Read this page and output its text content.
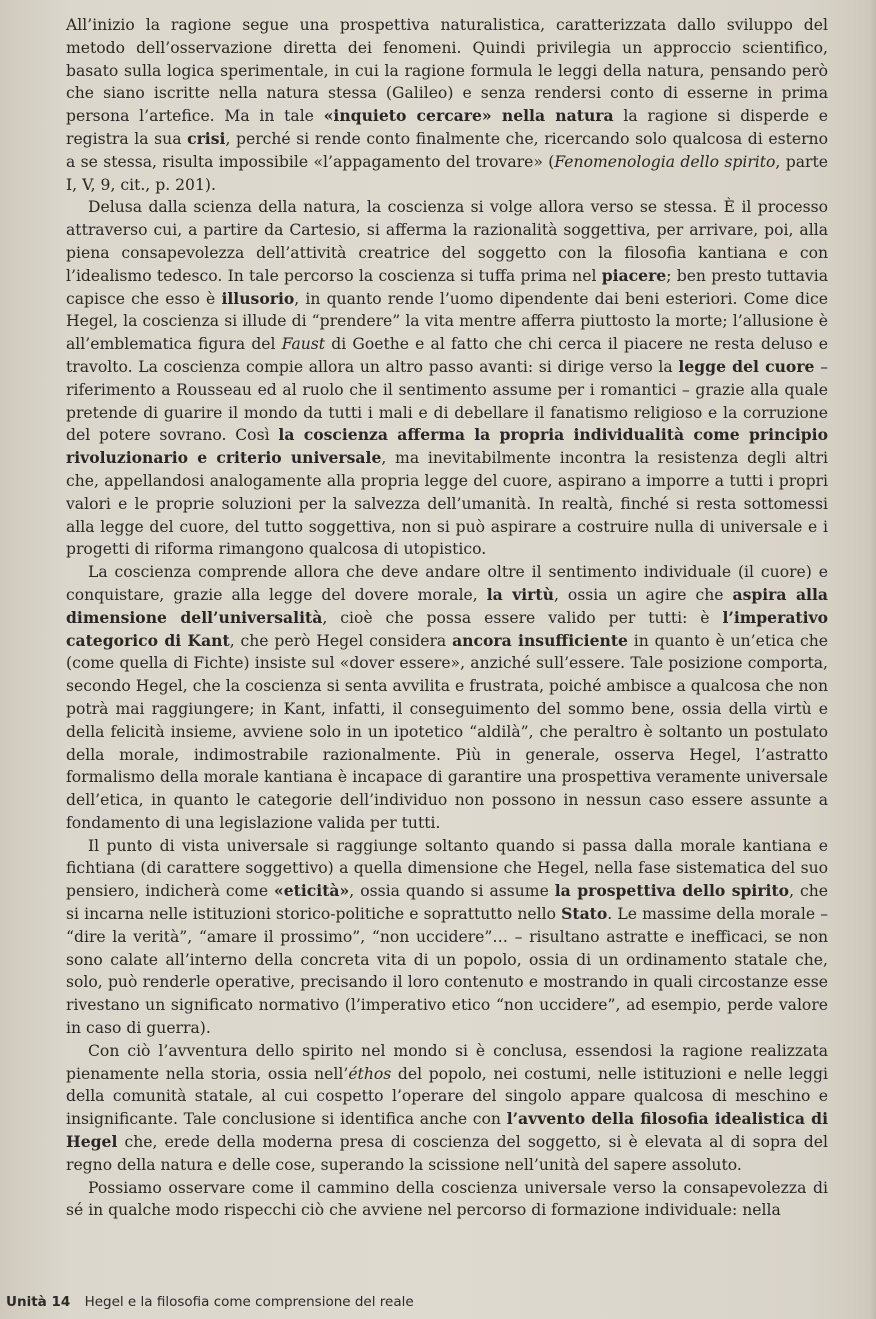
All’inizio la ragione segue una prospettiva naturalistica, caratterizzata dallo sviluppo del metodo dell’osservazione diretta dei fenomeni. Quindi privilegia un approccio scientifico, basato sulla logica sperimentale, in cui la ragione formula le leggi della natura, pensando però che siano iscritte nella natura stessa (Galileo) e senza rendersi conto di esserne in prima persona l’artefice. Ma in tale «inquieto cercare» nella natura la ragione si disperde e registra la sua crisi, perché si rende conto finalmente che, ricercando solo qualcosa di esterno a se stessa, risulta impossibile «l’appagamento del trovare» (Fenomenologia dello spirito, parte I, V, 9, cit., p. 201).

Delusa dalla scienza della natura, la coscienza si volge allora verso se stessa. È il processo attraverso cui, a partire da Cartesio, si afferma la razionalità soggettiva, per arrivare, poi, alla piena consapevolezza dell’attività creatrice del soggetto con la filosofia kantiana e con l’idealismo tedesco. In tale percorso la coscienza si tuffa prima nel piacere; ben presto tuttavia capisce che esso è illusorio, in quanto rende l’uomo dipendente dai beni esteriori. Come dice Hegel, la coscienza si illude di “prendere” la vita mentre afferra piuttosto la morte; l’allusione è all’emblematica figura del Faust di Goethe e al fatto che chi cerca il piacere ne resta deluso e travolto. La coscienza compie allora un altro passo avanti: si dirige verso la legge del cuore – riferimento a Rousseau ed al ruolo che il sentimento assume per i romantici – grazie alla quale pretende di guarire il mondo da tutti i mali e di debellare il fanatismo religioso e la corruzione del potere sovrano. Così la coscienza afferma la propria individualità come principio rivoluzionario e criterio universale, ma inevitabilmente incontra la resistenza degli altri che, appellandosi analogamente alla propria legge del cuore, aspirano a imporre a tutti i propri valori e le proprie soluzioni per la salvezza dell’umanità. In realtà, finché si resta sottomessi alla legge del cuore, del tutto soggettiva, non si può aspirare a costruire nulla di universale e i progetti di riforma rimangono qualcosa di utopistico.

La coscienza comprende allora che deve andare oltre il sentimento individuale (il cuore) e conquistare, grazie alla legge del dovere morale, la virtù, ossia un agire che aspira alla dimensione dell’universalità, cioè che possa essere valido per tutti: è l’imperativo categorico di Kant, che però Hegel considera ancora insufficiente in quanto è un’etica che (come quella di Fichte) insiste sul «dover essere», anziché sull’essere. Tale posizione comporta, secondo Hegel, che la coscienza si senta avvilita e frustrata, poiché ambisce a qualcosa che non potrà mai raggiungere; in Kant, infatti, il conseguimento del sommo bene, ossia della virtù e della felicità insieme, avviene solo in un ipotetico “aldilà”, che peraltro è soltanto un postulato della morale, indimostrabile razionalmente. Più in generale, osserva Hegel, l’astratto formalismo della morale kantiana è incapace di garantire una prospettiva veramente universale dell’etica, in quanto le categorie dell’individuo non possono in nessun caso essere assunte a fondamento di una legislazione valida per tutti.

Il punto di vista universale si raggiunge soltanto quando si passa dalla morale kantiana e fichtiana (di carattere soggettivo) a quella dimensione che Hegel, nella fase sistematica del suo pensiero, indicherà come «eticità», ossia quando si assume la prospettiva dello spirito, che si incarna nelle istituzioni storico-politiche e soprattutto nello Stato. Le massime della morale – “dire la verità”, “amare il prossimo”, “non uccidere”… – risultano astratte e inefficaci, se non sono calate all’interno della concreta vita di un popolo, ossia di un ordinamento statale che, solo, può renderle operative, precisando il loro contenuto e mostrando in quali circostanze esse rivestano un significato normativo (l’imperativo etico “non uccidere”, ad esempio, perde valore in caso di guerra).

Con ciò l’avventura dello spirito nel mondo si è conclusa, essendosi la ragione realizzata pienamente nella storia, ossia nell’éthos del popolo, nei costumi, nelle istituzioni e nelle leggi della comunità statale, al cui cospetto l’operare del singolo appare qualcosa di meschino e insignificante. Tale conclusione si identifica anche con l’avvento della filosofia idealistica di Hegel che, erede della moderna presa di coscienza del soggetto, si è elevata al di sopra del regno della natura e delle cose, superando la scissione nell’unità del sapere assoluto.

Possiamo osservare come il cammino della coscienza universale verso la consapevolezza di sé in qualche modo rispecchi ciò che avviene nel percorso di formazione individuale: nella

Unità 14 Hegel e la filosofia come comprensione del reale
